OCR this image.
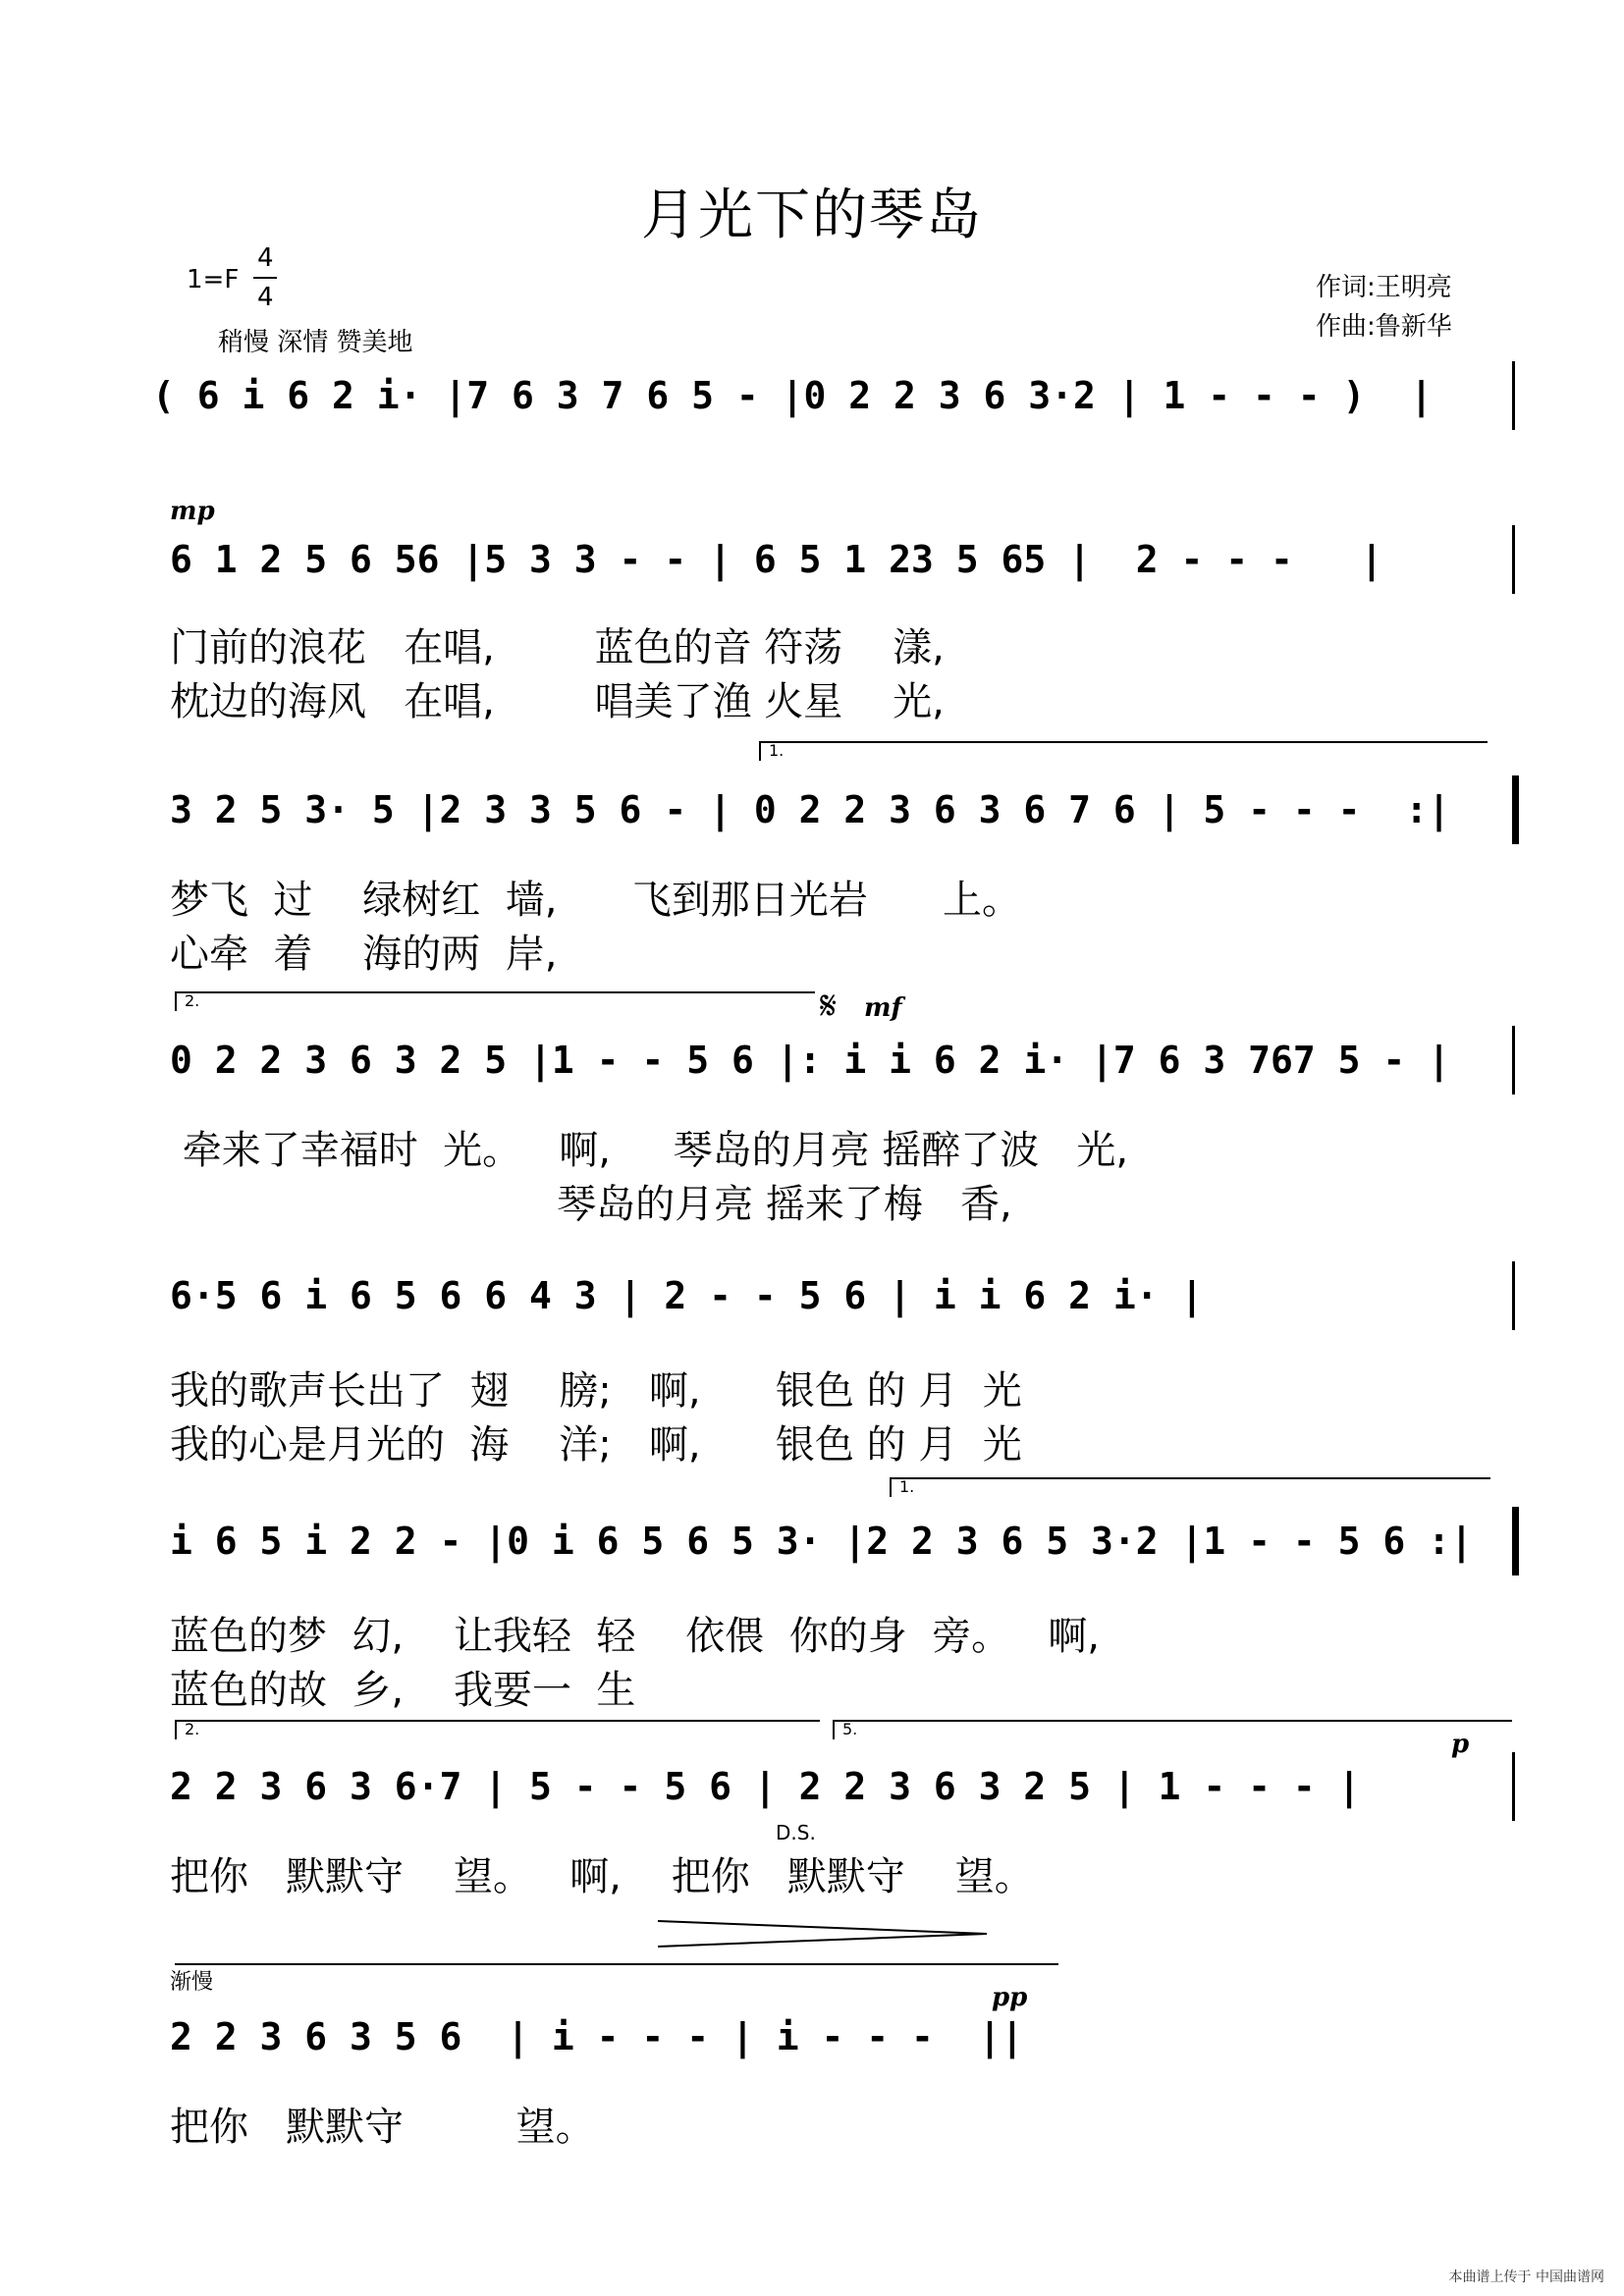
月光下的琴岛
1=F
4
4
稍慢 深情 赞美地
作词:王明亮
作曲:鲁新华
( 6 i 6 2 i· |7 6 3 7 6 5 - |0 2 2 3 6 3·2 | 1 - - - )  |
mp
6 1 2 5 6 56 |5 3 3 - - | 6 5 1 23 5 65 |  2 - - -   |
门前的浪花   在唱,        蓝色的音 符荡    漾,
枕边的海风   在唱,        唱美了渔 火星    光,
1.
3 2 5 3· 5 |2 3 3 5 6 - | 0 2 2 3 6 3 6 7 6 | 5 - - -  :|
梦飞  过    绿树红  墙,      飞到那日光岩      上。
心牵  着    海的两  岸,
2.	𝄋 mf
0 2 2 3 6 3 2 5 |1 - - 5 6 |: i i 6 2 i· |7 6 3 767 5 - |
牵来了幸福时  光。   啊,     琴岛的月亮 摇醉了波   光,
琴岛的月亮 摇来了梅   香,
6·5 6 i 6 5 6 6 4 3 | 2 - - 5 6 | i i 6 2 i· |
我的歌声长出了  翅    膀;   啊,      银色 的 月  光
我的心是月光的  海    洋;   啊,      银色 的 月  光
1.
i 6 5 i 2 2 - |0 i 6 5 6 5 3· |2 2 3 6 5 3·2 |1 - - 5 6 :|
蓝色的梦  幻,    让我轻  轻    依偎  你的身  旁。   啊,
蓝色的故  乡,    我要一  生
2.	5.
p
2 2 3 6 3 6·7 | 5 - - 5 6 | 2 2 3 6 3 2 5 | 1 - - - |
D.S.
把你   默默守    望。   啊,    把你   默默守    望。
渐慢
pp
2 2 3 6 3 5 6  | i - - - | i - - -  ||
把你   默默守         望。
本曲谱上传于 中国曲谱网
